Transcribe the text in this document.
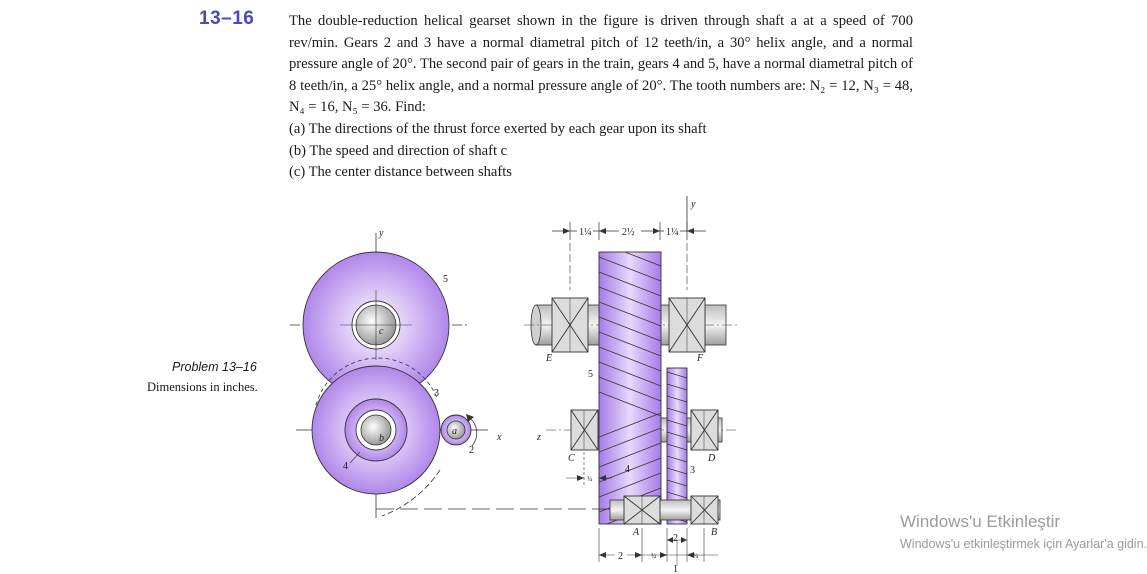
13–16 The double-reduction helical gearset shown in the figure is driven through shaft a at a speed of 700 rev/min. Gears 2 and 3 have a normal diametral pitch of 12 teeth/in, a 30° helix angle, and a normal pressure angle of 20°. The second pair of gears in the train, gears 4 and 5, have a normal diametral pitch of 8 teeth/in, a 25° helix angle, and a normal pressure angle of 20°. The tooth numbers are: N₂ = 12, N₃ = 48, N₄ = 16, N₅ = 36. Find:

(a) The directions of the thrust force exerted by each gear upon its shaft
(b) The speed and direction of shaft c
(c) The center distance between shafts
Problem 13–16
Dimensions in inches.
y
x
c
5
b
3
4
a
2
y
1¼	2½	1¼
E	F
z
5
3
C	D
4
¾
A	B
2
2	¾	¾
1
Windows'u Etkinleştir
Windows'u etkinleştirmek için Ayarlar'a gidin.
